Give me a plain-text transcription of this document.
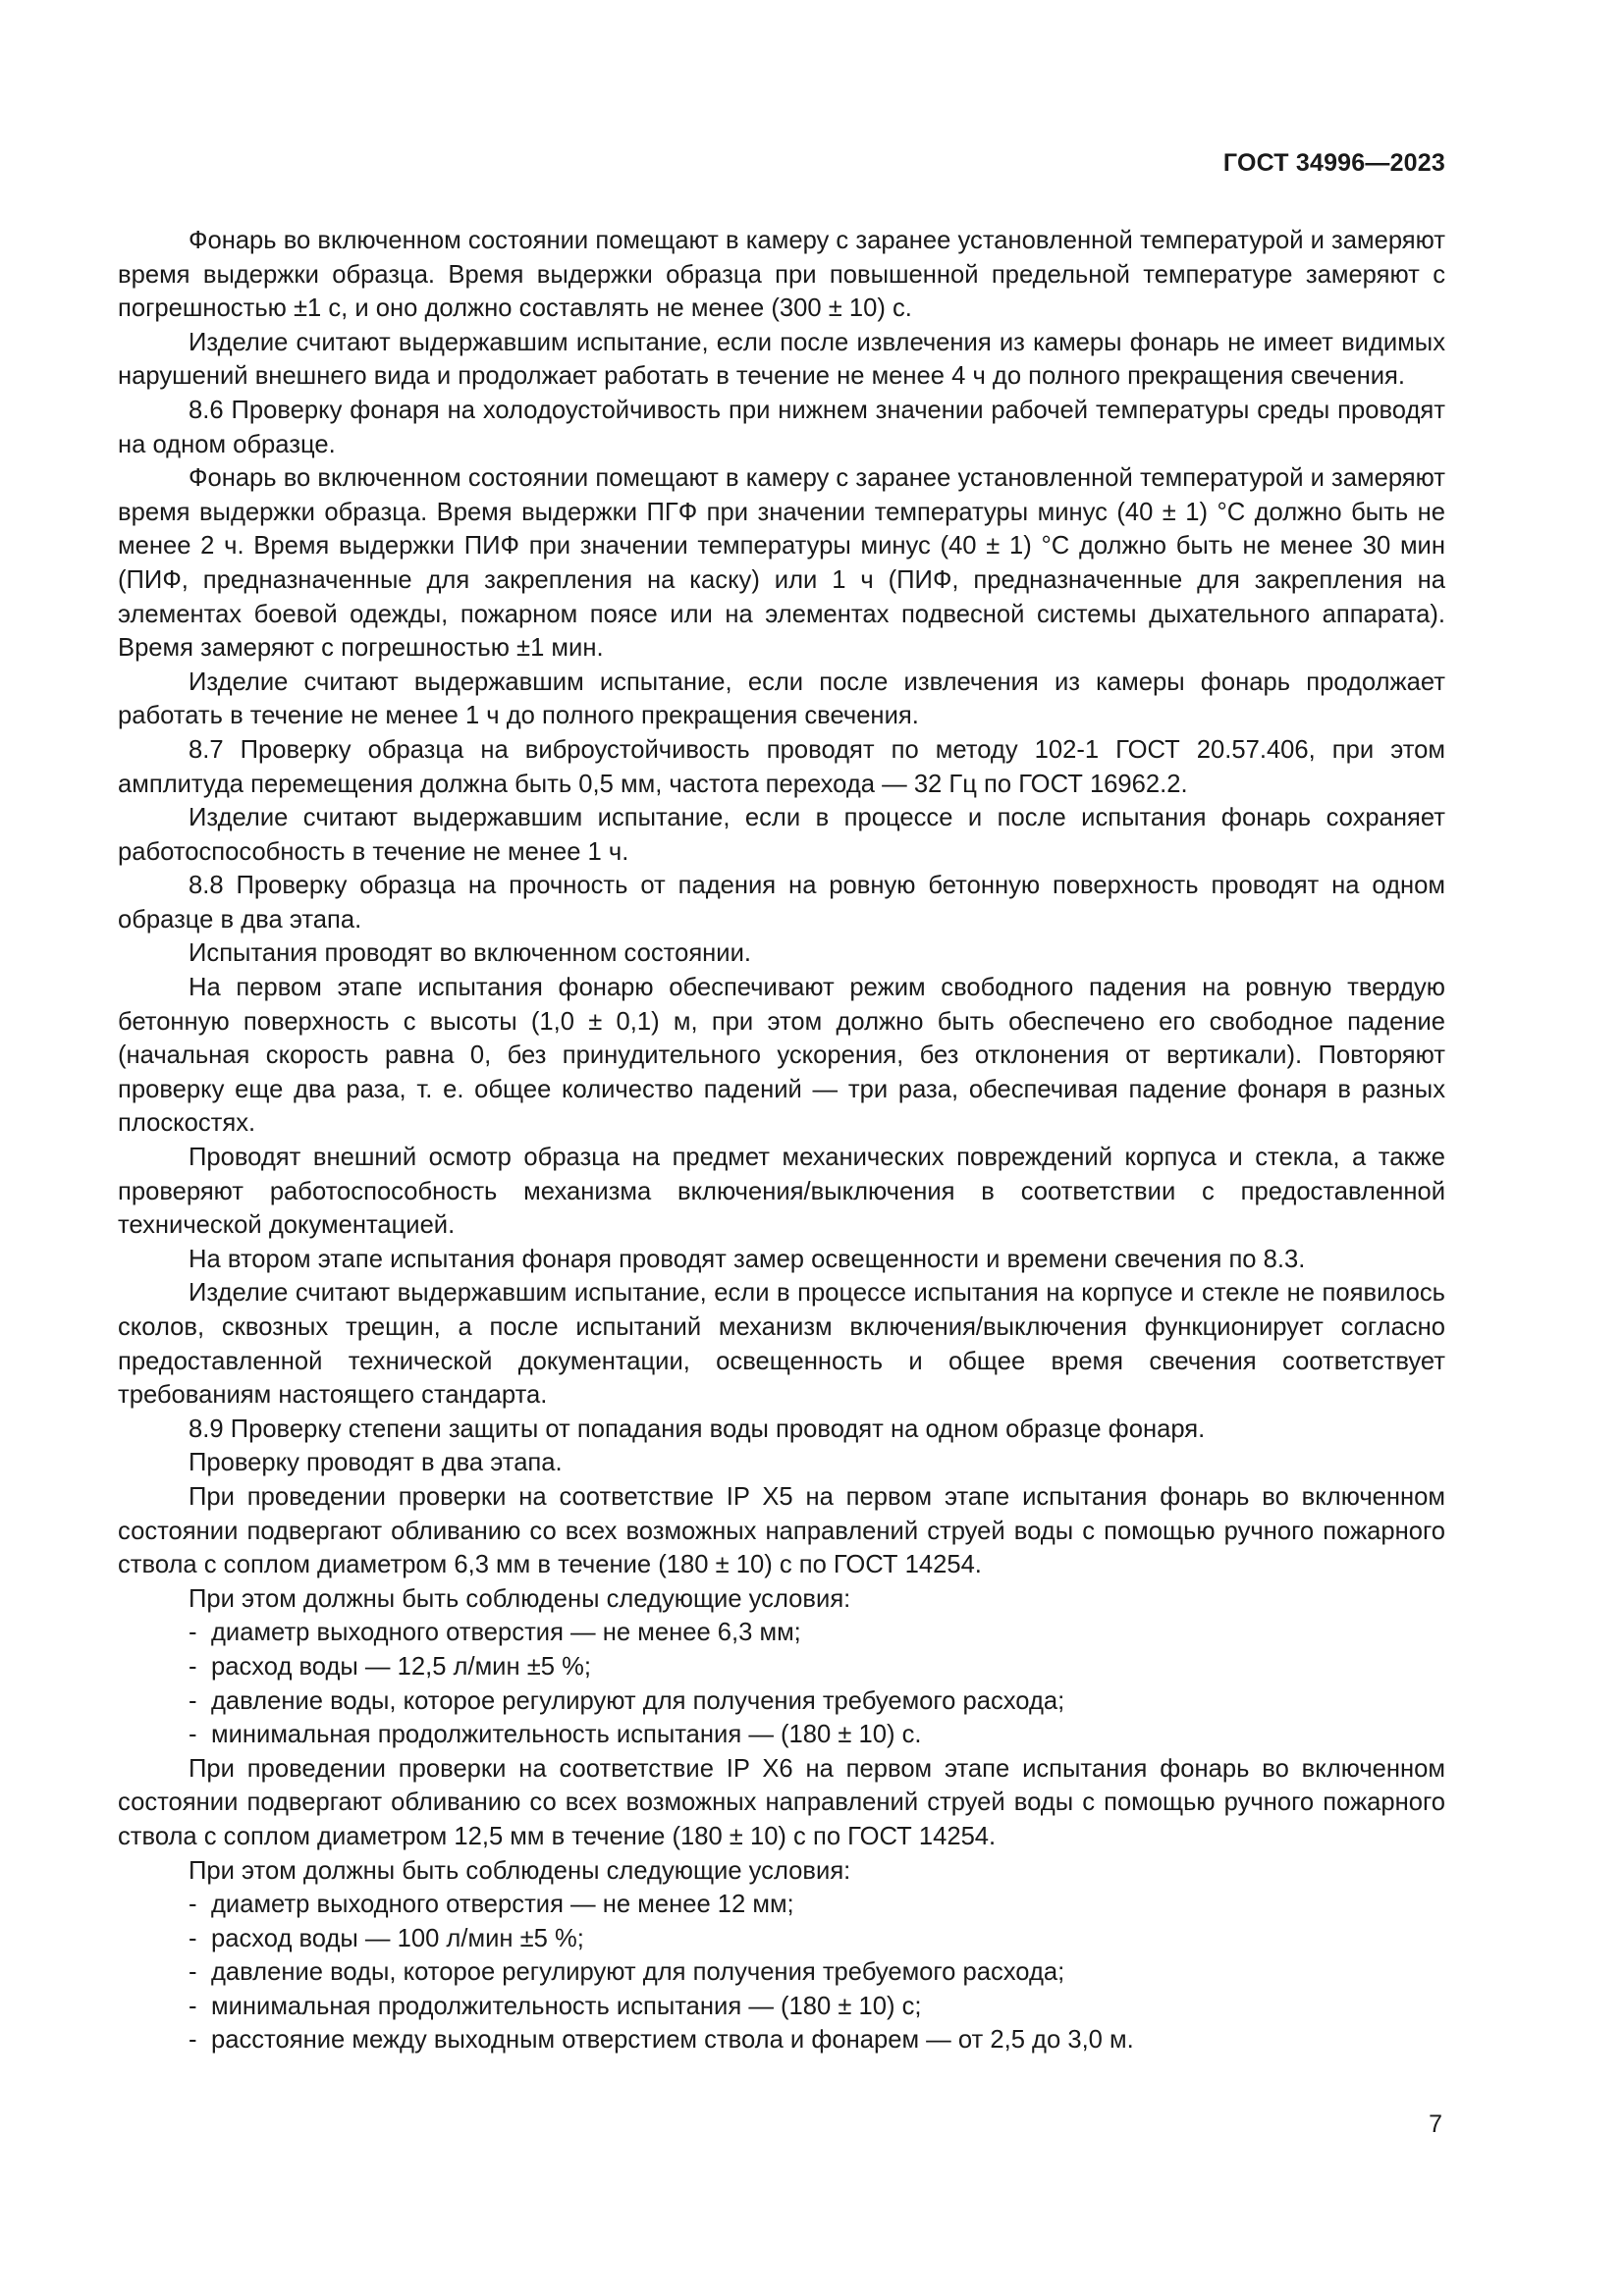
ГОСТ 34996—2023

Фонарь во включенном состоянии помещают в камеру с заранее установленной температурой и замеряют время выдержки образца. Время выдержки образца при повышенной предельной температуре замеряют с погрешностью ±1 с, и оно должно составлять не менее (300 ± 10) с.

Изделие считают выдержавшим испытание, если после извлечения из камеры фонарь не имеет видимых нарушений внешнего вида и продолжает работать в течение не менее 4 ч до полного прекращения свечения.

8.6 Проверку фонаря на холодоустойчивость при нижнем значении рабочей температуры среды проводят на одном образце.

Фонарь во включенном состоянии помещают в камеру с заранее установленной температурой и замеряют время выдержки образца. Время выдержки ПГФ при значении температуры минус (40 ± 1) °С должно быть не менее 2 ч. Время выдержки ПИФ при значении температуры минус (40 ± 1) °С должно быть не менее 30 мин (ПИФ, предназначенные для закрепления на каску) или 1 ч (ПИФ, предназначенные для закрепления на элементах боевой одежды, пожарном поясе или на элементах подвесной системы дыхательного аппарата). Время замеряют с погрешностью ±1 мин.

Изделие считают выдержавшим испытание, если после извлечения из камеры фонарь продолжает работать в течение не менее 1 ч до полного прекращения свечения.

8.7 Проверку образца на виброустойчивость проводят по методу 102-1 ГОСТ 20.57.406, при этом амплитуда перемещения должна быть 0,5 мм, частота перехода — 32 Гц по ГОСТ 16962.2.

Изделие считают выдержавшим испытание, если в процессе и после испытания фонарь сохраняет работоспособность в течение не менее 1 ч.

8.8 Проверку образца на прочность от падения на ровную бетонную поверхность проводят на одном образце в два этапа.

Испытания проводят во включенном состоянии.

На первом этапе испытания фонарю обеспечивают режим свободного падения на ровную твердую бетонную поверхность с высоты (1,0 ± 0,1) м, при этом должно быть обеспечено его свободное падение (начальная скорость равна 0, без принудительного ускорения, без отклонения от вертикали). Повторяют проверку еще два раза, т. е. общее количество падений — три раза, обеспечивая падение фонаря в разных плоскостях.

Проводят внешний осмотр образца на предмет механических повреждений корпуса и стекла, а также проверяют работоспособность механизма включения/выключения в соответствии с предоставленной технической документацией.

На втором этапе испытания фонаря проводят замер освещенности и времени свечения по 8.3.

Изделие считают выдержавшим испытание, если в процессе испытания на корпусе и стекле не появилось сколов, сквозных трещин, а после испытаний механизм включения/выключения функционирует согласно предоставленной технической документации, освещенность и общее время свечения соответствует требованиям настоящего стандарта.

8.9 Проверку степени защиты от попадания воды проводят на одном образце фонаря.

Проверку проводят в два этапа.

При проведении проверки на соответствие IP X5 на первом этапе испытания фонарь во включенном состоянии подвергают обливанию со всех возможных направлений струей воды с помощью ручного пожарного ствола с соплом диаметром 6,3 мм в течение (180 ± 10) с по ГОСТ 14254.

При этом должны быть соблюдены следующие условия:

- диаметр выходного отверстия — не менее 6,3 мм;

- расход воды — 12,5 л/мин ±5 %;

- давление воды, которое регулируют для получения требуемого расхода;

- минимальная продолжительность испытания — (180 ± 10) с.

При проведении проверки на соответствие IP X6 на первом этапе испытания фонарь во включенном состоянии подвергают обливанию со всех возможных направлений струей воды с помощью ручного пожарного ствола с соплом диаметром 12,5 мм в течение (180 ± 10) с по ГОСТ 14254.

При этом должны быть соблюдены следующие условия:

- диаметр выходного отверстия — не менее 12 мм;

- расход воды — 100 л/мин ±5 %;

- давление воды, которое регулируют для получения требуемого расхода;

- минимальная продолжительность испытания — (180 ± 10) с;

- расстояние между выходным отверстием ствола и фонарем — от 2,5 до 3,0 м.

7
